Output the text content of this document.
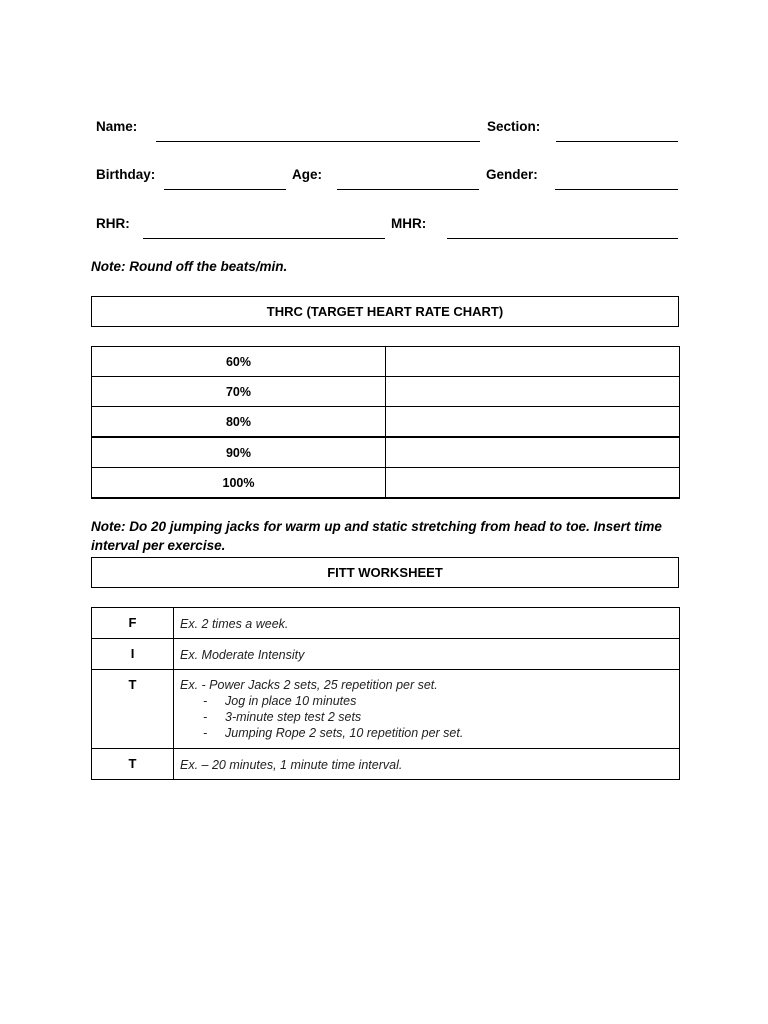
Name:	Section:
Birthday:	Age:	Gender:
RHR:	MHR:
Note: Round off the beats/min.
THRC (TARGET HEART RATE CHART)
60%	
70%	
80%	
90%	
100%	
Note: Do 20 jumping jacks for warm up and static stretching from head to toe. Insert time interval per exercise.
FITT WORKSHEET
F	Ex. 2 times a week.
I	Ex. Moderate Intensity
T	Ex. - Power Jacks 2 sets, 25 repetition per set.
- Jog in place 10 minutes
- 3-minute step test 2 sets
- Jumping Rope 2 sets, 10 repetition per set.

T	Ex. – 20 minutes, 1 minute time interval.
